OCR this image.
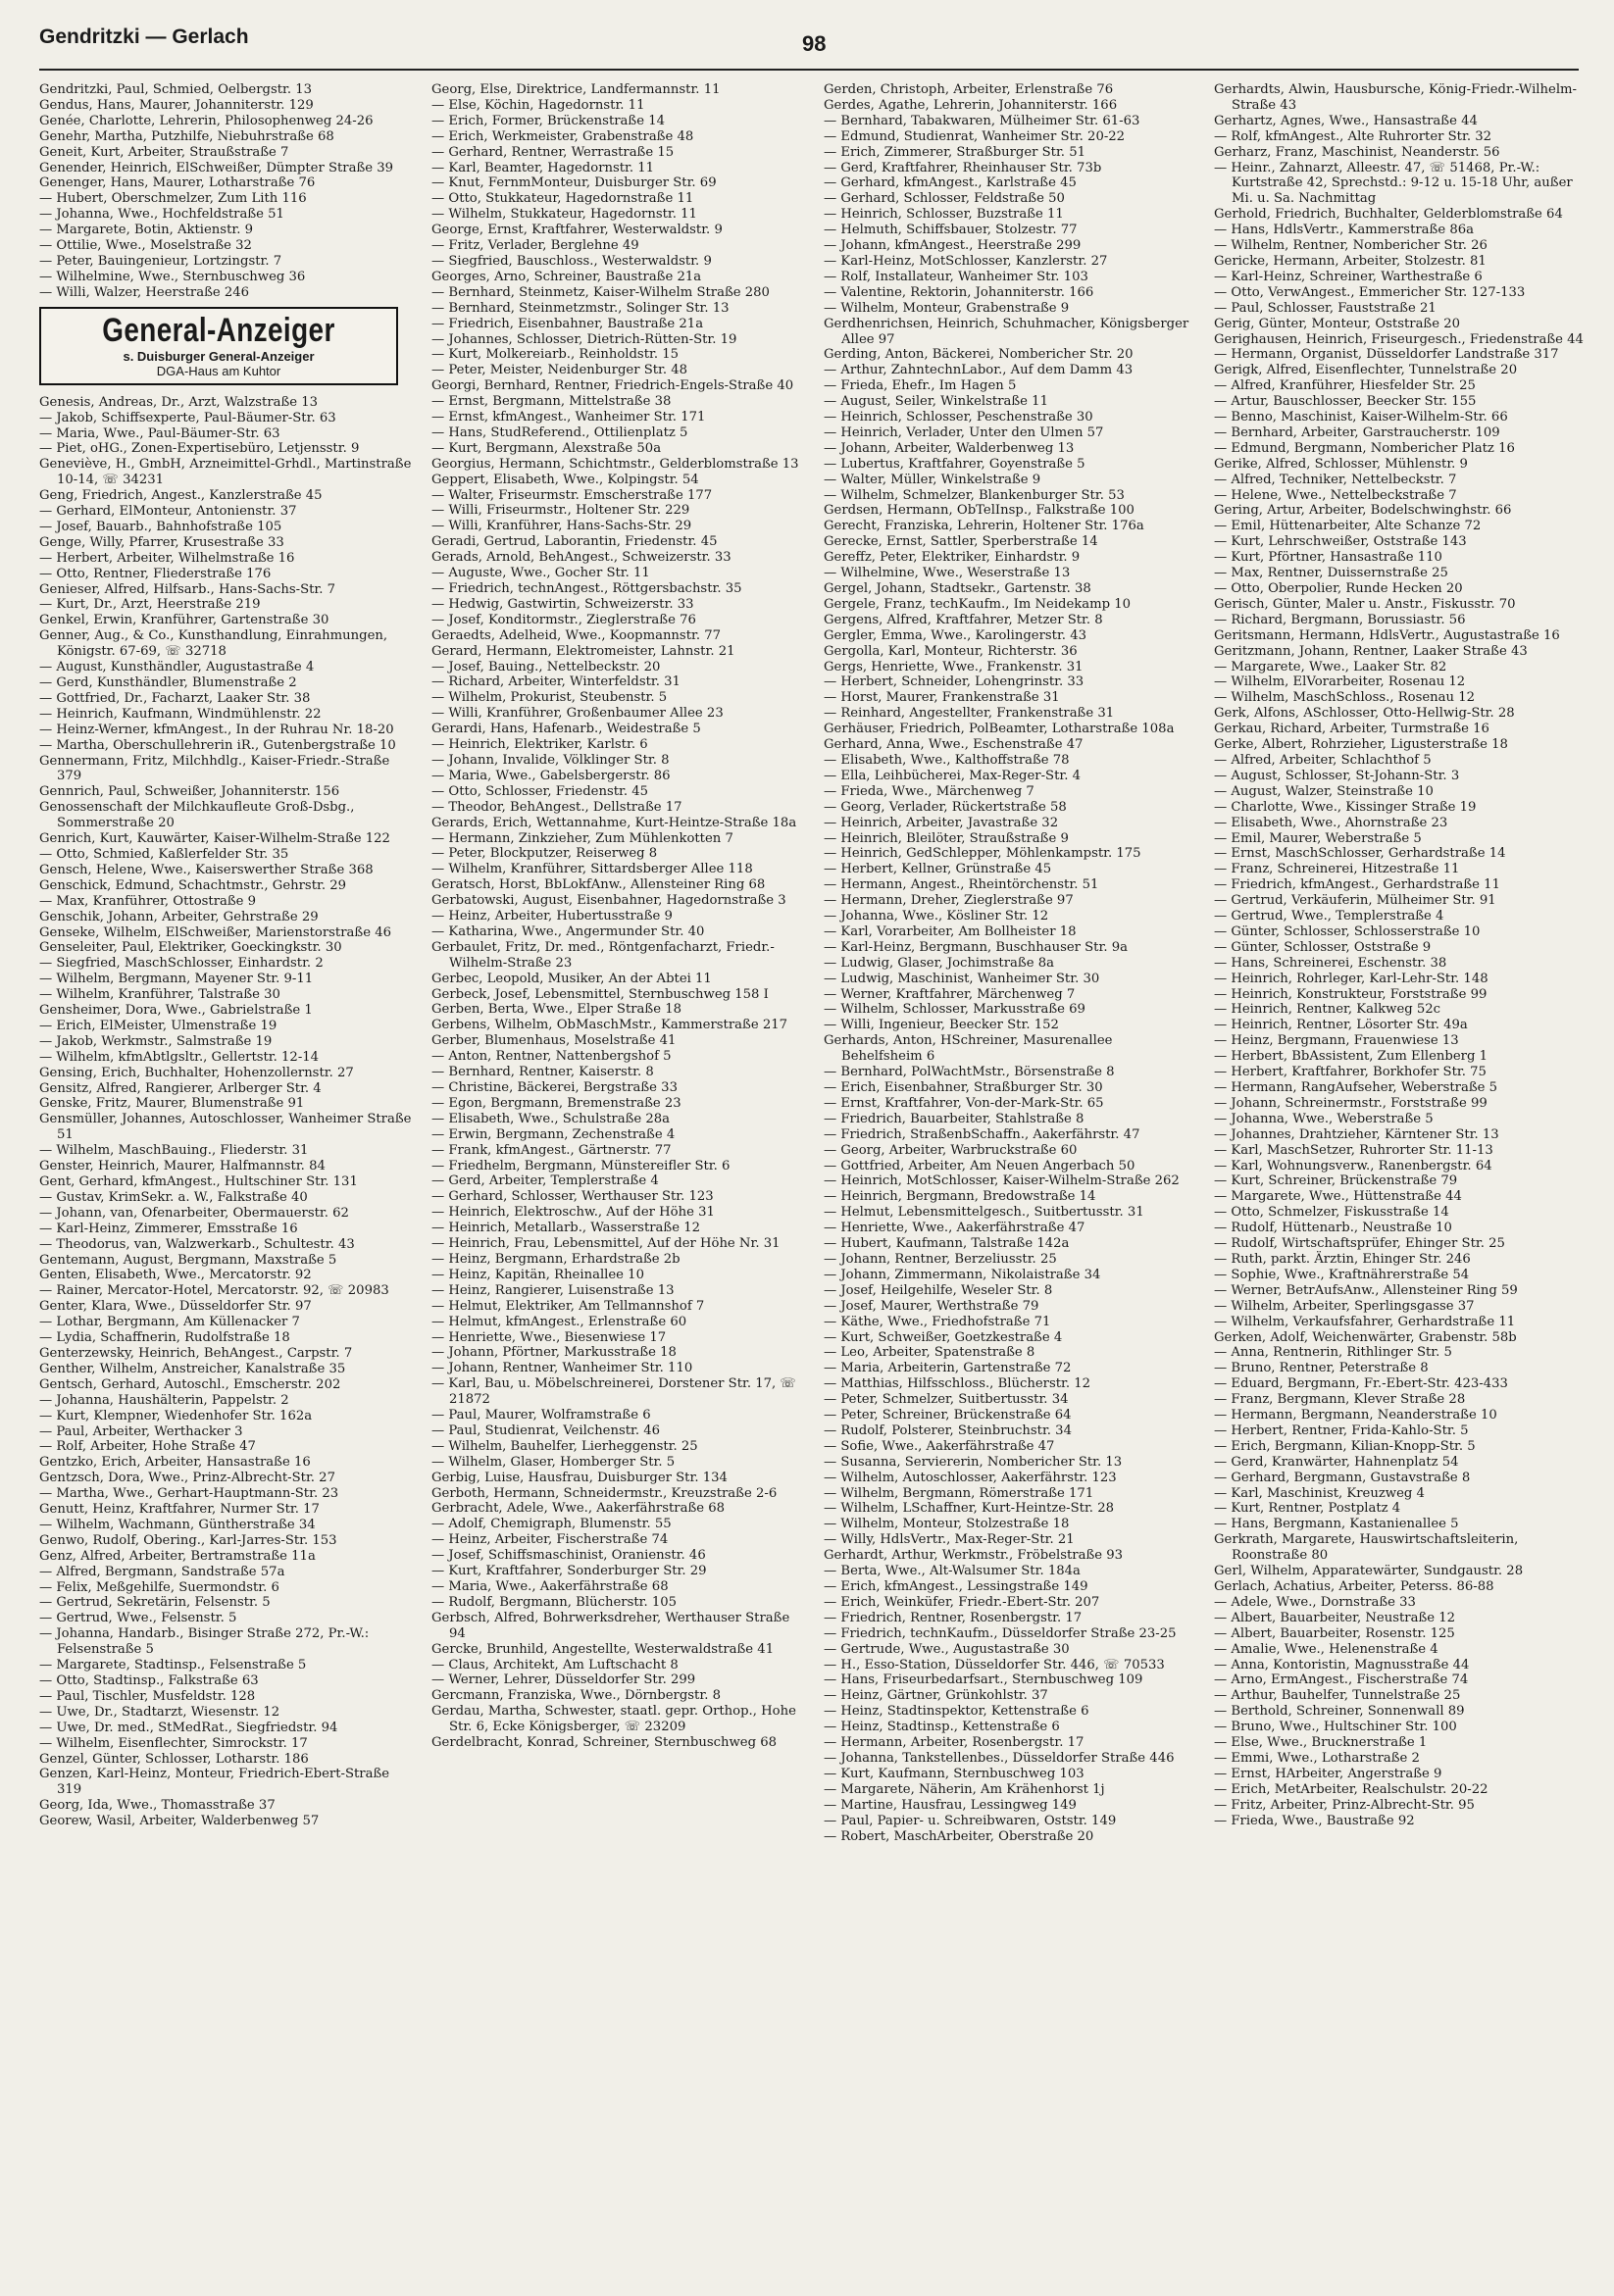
Gendritzki — Gerlach	98

Gendritzki, Paul, Schmied, Oelbergstr. 13

Gendus, Hans, Maurer, Johanniterstr. 129

Genée, Charlotte, Lehrerin, Philosophenweg 24-26

Genehr, Martha, Putzhilfe, Niebuhrstraße 68

Geneit, Kurt, Arbeiter, Straußstraße 7

Genender, Heinrich, ElSchweißer, Dümpter Straße 39

Genenger, Hans, Maurer, Lotharstraße 76

— Hubert, Oberschmelzer, Zum Lith 116

— Johanna, Wwe., Hochfeldstraße 51

— Margarete, Botin, Aktienstr. 9

— Ottilie, Wwe., Moselstraße 32

— Peter, Bauingenieur, Lortzingstr. 7

— Wilhelmine, Wwe., Sternbuschweg 36

— Willi, Walzer, Heerstraße 246

General-Anzeiger
s. Duisburger General-Anzeiger
DGA-Haus am Kuhtor

Genesis, Andreas, Dr., Arzt, Walzstraße 13

— Jakob, Schiffsexperte, Paul-Bäumer-Str. 63

— Maria, Wwe., Paul-Bäumer-Str. 63

— Piet, oHG., Zonen-Expertisebüro, Letjensstr. 9

Geneviève, H., GmbH, Arzneimittel-Grhdl., Martinstraße 10-14, ☏ 34231

Geng, Friedrich, Angest., Kanzlerstraße 45

— Gerhard, ElMonteur, Antonienstr. 37

— Josef, Bauarb., Bahnhofstraße 105

Genge, Willy, Pfarrer, Krusestraße 33

— Herbert, Arbeiter, Wilhelmstraße 16

— Otto, Rentner, Fliederstraße 176

Genieser, Alfred, Hilfsarb., Hans-Sachs-Str. 7

— Kurt, Dr., Arzt, Heerstraße 219

Genkel, Erwin, Kranführer, Gartenstraße 30

Genner, Aug., & Co., Kunsthandlung, Einrahmungen, Königstr. 67-69, ☏ 32718

— August, Kunsthändler, Augustastraße 4

— Gerd, Kunsthändler, Blumenstraße 2

— Gottfried, Dr., Facharzt, Laaker Str. 38

— Heinrich, Kaufmann, Windmühlenstr. 22

— Heinz-Werner, kfmAngest., In der Ruhrau Nr. 18-20

— Martha, Oberschullehrerin iR., Gutenbergstraße 10

Gennermann, Fritz, Milchhdlg., Kaiser-Friedr.-Straße 379

Gennrich, Paul, Schweißer, Johanniterstr. 156

Genossenschaft der Milchkaufleute Groß-Dsbg., Sommerstraße 20

Genrich, Kurt, Kauwärter, Kaiser-Wilhelm-Straße 122

— Otto, Schmied, Kaßlerfelder Str. 35

Gensch, Helene, Wwe., Kaiserswerther Straße 368

Genschick, Edmund, Schachtmstr., Gehrstr. 29

— Max, Kranführer, Ottostraße 9

Genschik, Johann, Arbeiter, Gehrstraße 29

Genseke, Wilhelm, ElSchweißer, Marienstorstraße 46

Genseleiter, Paul, Elektriker, Goeckingkstr. 30

— Siegfried, MaschSchlosser, Einhardstr. 2

— Wilhelm, Bergmann, Mayener Str. 9-11

— Wilhelm, Kranführer, Talstraße 30

Gensheimer, Dora, Wwe., Gabrielstraße 1

— Erich, ElMeister, Ulmenstraße 19

— Jakob, Werkmstr., Salmstraße 19

— Wilhelm, kfmAbtlgsltr., Gellertstr. 12-14

Gensing, Erich, Buchhalter, Hohenzollernstr. 27

Gensitz, Alfred, Rangierer, Arlberger Str. 4

Genske, Fritz, Maurer, Blumenstraße 91

Gensmüller, Johannes, Autoschlosser, Wanheimer Straße 51

— Wilhelm, MaschBauing., Fliederstr. 31

Genster, Heinrich, Maurer, Halfmannstr. 84

Gent, Gerhard, kfmAngest., Hultschiner Str. 131

— Gustav, KrimSekr. a. W., Falkstraße 40

— Johann, van, Ofenarbeiter, Obermauerstr. 62

— Karl-Heinz, Zimmerer, Emsstraße 16

— Theodorus, van, Walzwerkarb., Schultestr. 43

Gentemann, August, Bergmann, Maxstraße 5

Genten, Elisabeth, Wwe., Mercatorstr. 92

— Rainer, Mercator-Hotel, Mercatorstr. 92, ☏ 20983

Genter, Klara, Wwe., Düsseldorfer Str. 97

— Lothar, Bergmann, Am Küllenacker 7

— Lydia, Schaffnerin, Rudolfstraße 18

Genterzewsky, Heinrich, BehAngest., Carpstr. 7

Genther, Wilhelm, Anstreicher, Kanalstraße 35

Gentsch, Gerhard, Autoschl., Emscherstr. 202

— Johanna, Haushälterin, Pappelstr. 2

— Kurt, Klempner, Wiedenhofer Str. 162a

— Paul, Arbeiter, Werthacker 3

— Rolf, Arbeiter, Hohe Straße 47

Gentzko, Erich, Arbeiter, Hansastraße 16

Gentzsch, Dora, Wwe., Prinz-Albrecht-Str. 27

— Martha, Wwe., Gerhart-Hauptmann-Str. 23

Genutt, Heinz, Kraftfahrer, Nurmer Str. 17

— Wilhelm, Wachmann, Güntherstraße 34

Genwo, Rudolf, Obering., Karl-Jarres-Str. 153

Genz, Alfred, Arbeiter, Bertramstraße 11a

— Alfred, Bergmann, Sandstraße 57a

— Felix, Meßgehilfe, Suermondstr. 6

— Gertrud, Sekretärin, Felsenstr. 5

— Gertrud, Wwe., Felsenstr. 5

— Johanna, Handarb., Bisinger Straße 272, Pr.-W.: Felsenstraße 5

— Margarete, Stadtinsp., Felsenstraße 5

— Otto, Stadtinsp., Falkstraße 63

— Paul, Tischler, Musfeldstr. 128

— Uwe, Dr., Stadtarzt, Wiesenstr. 12

— Uwe, Dr. med., StMedRat., Siegfriedstr. 94

— Wilhelm, Eisenflechter, Simrockstr. 17

Genzel, Günter, Schlosser, Lotharstr. 186

Genzen, Karl-Heinz, Monteur, Friedrich-Ebert-Straße 319

Georg, Ida, Wwe., Thomasstraße 37

Georew, Wasil, Arbeiter, Walderbenweg 57

Georg, Else, Direktrice, Landfermannstr. 11

— Else, Köchin, Hagedornstr. 11

— Erich, Former, Brückenstraße 14

— Erich, Werkmeister, Grabenstraße 48

— Gerhard, Rentner, Werrastraße 15

— Karl, Beamter, Hagedornstr. 11

— Knut, FernmMonteur, Duisburger Str. 69

— Otto, Stukkateur, Hagedornstraße 11

— Wilhelm, Stukkateur, Hagedornstr. 11

George, Ernst, Kraftfahrer, Westerwaldstr. 9

— Fritz, Verlader, Berglehne 49

— Siegfried, Bauschloss., Westerwaldstr. 9

Georges, Arno, Schreiner, Baustraße 21a

— Bernhard, Steinmetz, Kaiser-Wilhelm Straße 280

— Bernhard, Steinmetzmstr., Solinger Str. 13

— Friedrich, Eisenbahner, Baustraße 21a

— Johannes, Schlosser, Dietrich-Rütten-Str. 19

— Kurt, Molkereiarb., Reinholdstr. 15

— Peter, Meister, Neidenburger Str. 48

Georgi, Bernhard, Rentner, Friedrich-Engels-Straße 40

— Ernst, Bergmann, Mittelstraße 38

— Ernst, kfmAngest., Wanheimer Str. 171

— Hans, StudReferend., Ottilienplatz 5

— Kurt, Bergmann, Alexstraße 50a

Georgius, Hermann, Schichtmstr., Gelderblomstraße 13

Geppert, Elisabeth, Wwe., Kolpingstr. 54

— Walter, Friseurmstr. Emscherstraße 177

— Willi, Friseurmstr., Holtener Str. 229

— Willi, Kranführer, Hans-Sachs-Str. 29

Geradi, Gertrud, Laborantin, Friedenstr. 45

Gerads, Arnold, BehAngest., Schweizerstr. 33

— Auguste, Wwe., Gocher Str. 11

— Friedrich, technAngest., Röttgersbachstr. 35

— Hedwig, Gastwirtin, Schweizerstr. 33

— Josef, Konditormstr., Zieglerstraße 76

Geraedts, Adelheid, Wwe., Koopmannstr. 77

Gerard, Hermann, Elektromeister, Lahnstr. 21

— Josef, Bauing., Nettelbeckstr. 20

— Richard, Arbeiter, Winterfeldstr. 31

— Wilhelm, Prokurist, Steubenstr. 5

— Willi, Kranführer, Großenbaumer Allee 23

Gerardi, Hans, Hafenarb., Weidestraße 5

— Heinrich, Elektriker, Karlstr. 6

— Johann, Invalide, Völklinger Str. 8

— Maria, Wwe., Gabelsbergerstr. 86

— Otto, Schlosser, Friedenstr. 45

— Theodor, BehAngest., Dellstraße 17

Gerards, Erich, Wettannahme, Kurt-Heintze-Straße 18a

— Hermann, Zinkzieher, Zum Mühlenkotten 7

— Peter, Blockputzer, Reiserweg 8

— Wilhelm, Kranführer, Sittardsberger Allee 118

Geratsch, Horst, BbLokfAnw., Allensteiner Ring 68

Gerbatowski, August, Eisenbahner, Hagedornstraße 3

— Heinz, Arbeiter, Hubertusstraße 9

— Katharina, Wwe., Angermunder Str. 40

Gerbaulet, Fritz, Dr. med., Röntgenfacharzt, Friedr.-Wilhelm-Straße 23

Gerbec, Leopold, Musiker, An der Abtei 11

Gerbeck, Josef, Lebensmittel, Sternbuschweg 158 I

Gerben, Berta, Wwe., Elper Straße 18

Gerbens, Wilhelm, ObMaschMstr., Kammerstraße 217

Gerber, Blumenhaus, Moselstraße 41

— Anton, Rentner, Nattenbergshof 5

— Bernhard, Rentner, Kaiserstr. 8

— Christine, Bäckerei, Bergstraße 33

— Egon, Bergmann, Bremenstraße 23

— Elisabeth, Wwe., Schulstraße 28a

— Erwin, Bergmann, Zechenstraße 4

— Frank, kfmAngest., Gärtnerstr. 77

— Friedhelm, Bergmann, Münstereifler Str. 6

— Gerd, Arbeiter, Templerstraße 4

— Gerhard, Schlosser, Werthauser Str. 123

— Heinrich, Elektroschw., Auf der Höhe 31

— Heinrich, Metallarb., Wasserstraße 12

— Heinrich, Frau, Lebensmittel, Auf der Höhe Nr. 31

— Heinz, Bergmann, Erhardstraße 2b

— Heinz, Kapitän, Rheinallee 10

— Heinz, Rangierer, Luisenstraße 13

— Helmut, Elektriker, Am Tellmannshof 7

— Helmut, kfmAngest., Erlenstraße 60

— Henriette, Wwe., Biesenwiese 17

— Johann, Pförtner, Markusstraße 18

— Johann, Rentner, Wanheimer Str. 110

— Karl, Bau, u. Möbelschreinerei, Dorstener Str. 17, ☏ 21872

— Paul, Maurer, Wolframstraße 6

— Paul, Studienrat, Veilchenstr. 46

— Wilhelm, Bauhelfer, Lierheggenstr. 25

— Wilhelm, Glaser, Homberger Str. 5

Gerbig, Luise, Hausfrau, Duisburger Str. 134

Gerboth, Hermann, Schneidermstr., Kreuzstraße 2-6

Gerbracht, Adele, Wwe., Aakerfährstraße 68

— Adolf, Chemigraph, Blumenstr. 55

— Heinz, Arbeiter, Fischerstraße 74

— Josef, Schiffsmaschinist, Oranienstr. 46

— Kurt, Kraftfahrer, Sonderburger Str. 29

— Maria, Wwe., Aakerfährstraße 68

— Rudolf, Bergmann, Blücherstr. 105

Gerbsch, Alfred, Bohrwerksdreher, Werthauser Straße 94

Gercke, Brunhild, Angestellte, Westerwaldstraße 41

— Claus, Architekt, Am Luftschacht 8

— Werner, Lehrer, Düsseldorfer Str. 299

Gercmann, Franziska, Wwe., Dörnbergstr. 8

Gerdau, Martha, Schwester, staatl. gepr. Orthop., Hohe Str. 6, Ecke Königsberger, ☏ 23209

Gerdelbracht, Konrad, Schreiner, Sternbuschweg 68

Gerden, Christoph, Arbeiter, Erlenstraße 76

Gerdes, Agathe, Lehrerin, Johanniterstr. 166

— Bernhard, Tabakwaren, Mülheimer Str. 61-63

— Edmund, Studienrat, Wanheimer Str. 20-22

— Erich, Zimmerer, Straßburger Str. 51

— Gerd, Kraftfahrer, Rheinhauser Str. 73b

— Gerhard, kfmAngest., Karlstraße 45

— Gerhard, Schlosser, Feldstraße 50

— Heinrich, Schlosser, Buzstraße 11

— Helmuth, Schiffsbauer, Stolzestr. 77

— Johann, kfmAngest., Heerstraße 299

— Karl-Heinz, MotSchlosser, Kanzlerstr. 27

— Rolf, Installateur, Wanheimer Str. 103

— Valentine, Rektorin, Johanniterstr. 166

— Wilhelm, Monteur, Grabenstraße 9

Gerdhenrichsen, Heinrich, Schuhmacher, Königsberger Allee 97

Gerding, Anton, Bäckerei, Nombericher Str. 20

— Arthur, ZahntechnLabor., Auf dem Damm 43

— Frieda, Ehefr., Im Hagen 5

— August, Seiler, Winkelstraße 11

— Heinrich, Schlosser, Peschenstraße 30

— Heinrich, Verlader, Unter den Ulmen 57

— Johann, Arbeiter, Walderbenweg 13

— Lubertus, Kraftfahrer, Goyenstraße 5

— Walter, Müller, Winkelstraße 9

— Wilhelm, Schmelzer, Blankenburger Str. 53

Gerdsen, Hermann, ObTelInsp., Falkstraße 100

Gerecht, Franziska, Lehrerin, Holtener Str. 176a

Gerecke, Ernst, Sattler, Sperberstraße 14

Gereffz, Peter, Elektriker, Einhardstr. 9

— Wilhelmine, Wwe., Weserstraße 13

Gergel, Johann, Stadtsekr., Gartenstr. 38

Gergele, Franz, techKaufm., Im Neidekamp 10

Gergens, Alfred, Kraftfahrer, Metzer Str. 8

Gergler, Emma, Wwe., Karolingerstr. 43

Gergolla, Karl, Monteur, Richterstr. 36

Gergs, Henriette, Wwe., Frankenstr. 31

— Herbert, Schneider, Lohengrinstr. 33

— Horst, Maurer, Frankenstraße 31

— Reinhard, Angestellter, Frankenstraße 31

Gerhäuser, Friedrich, PolBeamter, Lotharstraße 108a

Gerhard, Anna, Wwe., Eschenstraße 47

— Elisabeth, Wwe., Kalthoffstraße 78

— Ella, Leihbücherei, Max-Reger-Str. 4

— Frieda, Wwe., Märchenweg 7

— Georg, Verlader, Rückertstraße 58

— Heinrich, Arbeiter, Javastraße 32

— Heinrich, Bleilöter, Straußstraße 9

— Heinrich, GedSchlepper, Möhlenkampstr. 175

— Herbert, Kellner, Grünstraße 45

— Hermann, Angest., Rheintörchenstr. 51

— Hermann, Dreher, Zieglerstraße 97

— Johanna, Wwe., Kösliner Str. 12

— Karl, Vorarbeiter, Am Bollheister 18

— Karl-Heinz, Bergmann, Buschhauser Str. 9a

— Ludwig, Glaser, Jochimstraße 8a

— Ludwig, Maschinist, Wanheimer Str. 30

— Werner, Kraftfahrer, Märchenweg 7

— Wilhelm, Schlosser, Markusstraße 69

— Willi, Ingenieur, Beecker Str. 152

Gerhards, Anton, HSchreiner, Masurenallee Behelfsheim 6

— Bernhard, PolWachtMstr., Börsenstraße 8

— Erich, Eisenbahner, Straßburger Str. 30

— Ernst, Kraftfahrer, Von-der-Mark-Str. 65

— Friedrich, Bauarbeiter, Stahlstraße 8

— Friedrich, StraßenbSchaffn., Aakerfährstr. 47

— Georg, Arbeiter, Warbruckstraße 60

— Gottfried, Arbeiter, Am Neuen Angerbach 50

— Heinrich, MotSchlosser, Kaiser-Wilhelm-Straße 262

— Heinrich, Bergmann, Bredowstraße 14

— Helmut, Lebensmittelgesch., Suitbertusstr. 31

— Henriette, Wwe., Aakerfährstraße 47

— Hubert, Kaufmann, Talstraße 142a

— Johann, Rentner, Berzeliusstr. 25

— Johann, Zimmermann, Nikolaistraße 34

— Josef, Heilgehilfe, Weseler Str. 8

— Josef, Maurer, Werthstraße 79

— Käthe, Wwe., Friedhofstraße 71

— Kurt, Schweißer, Goetzkestraße 4

— Leo, Arbeiter, Spatenstraße 8

— Maria, Arbeiterin, Gartenstraße 72

— Matthias, Hilfsschloss., Blücherstr. 12

— Peter, Schmelzer, Suitbertusstr. 34

— Peter, Schreiner, Brückenstraße 64

— Rudolf, Polsterer, Steinbruchstr. 34

— Sofie, Wwe., Aakerfährstraße 47

— Susanna, Serviererin, Nombericher Str. 13

— Wilhelm, Autoschlosser, Aakerfährstr. 123

— Wilhelm, Bergmann, Römerstraße 171

— Wilhelm, LSchaffner, Kurt-Heintze-Str. 28

— Wilhelm, Monteur, Stolzestraße 18

— Willy, HdlsVertr., Max-Reger-Str. 21

Gerhardt, Arthur, Werkmstr., Fröbelstraße 93

— Berta, Wwe., Alt-Walsumer Str. 184a

— Erich, kfmAngest., Lessingstraße 149

— Erich, Weinküfer, Friedr.-Ebert-Str. 207

— Friedrich, Rentner, Rosenbergstr. 17

— Friedrich, technKaufm., Düsseldorfer Straße 23-25

— Gertrude, Wwe., Augustastraße 30

— H., Esso-Station, Düsseldorfer Str. 446, ☏ 70533

— Hans, Friseurbedarfsart., Sternbuschweg 109

— Heinz, Gärtner, Grünkohlstr. 37

— Heinz, Stadtinspektor, Kettenstraße 6

— Heinz, Stadtinsp., Kettenstraße 6

— Hermann, Arbeiter, Rosenbergstr. 17

— Johanna, Tankstellenbes., Düsseldorfer Straße 446

— Kurt, Kaufmann, Sternbuschweg 103

— Margarete, Näherin, Am Krähenhorst 1j

— Martine, Hausfrau, Lessingweg 149

— Paul, Papier- u. Schreibwaren, Oststr. 149

— Robert, MaschArbeiter, Oberstraße 20

Gerhardts, Alwin, Hausbursche, König-Friedr.-Wilhelm-Straße 43

Gerhartz, Agnes, Wwe., Hansastraße 44

— Rolf, kfmAngest., Alte Ruhrorter Str. 32

Gerharz, Franz, Maschinist, Neanderstr. 56

— Heinr., Zahnarzt, Alleestr. 47, ☏ 51468, Pr.-W.: Kurtstraße 42, Sprechstd.: 9-12 u. 15-18 Uhr, außer Mi. u. Sa. Nachmittag

Gerhold, Friedrich, Buchhalter, Gelderblomstraße 64

— Hans, HdlsVertr., Kammerstraße 86a

— Wilhelm, Rentner, Nombericher Str. 26

Gericke, Hermann, Arbeiter, Stolzestr. 81

— Karl-Heinz, Schreiner, Warthestraße 6

— Otto, VerwAngest., Emmericher Str. 127-133

— Paul, Schlosser, Fauststraße 21

Gerig, Günter, Monteur, Oststraße 20

Gerighausen, Heinrich, Friseurgesch., Friedenstraße 44

— Hermann, Organist, Düsseldorfer Landstraße 317

Gerigk, Alfred, Eisenflechter, Tunnelstraße 20

— Alfred, Kranführer, Hiesfelder Str. 25

— Artur, Bauschlosser, Beecker Str. 155

— Benno, Maschinist, Kaiser-Wilhelm-Str. 66

— Bernhard, Arbeiter, Garstraucherstr. 109

— Edmund, Bergmann, Nombericher Platz 16

Gerike, Alfred, Schlosser, Mühlenstr. 9

— Alfred, Techniker, Nettelbeckstr. 7

— Helene, Wwe., Nettelbeckstraße 7

Gering, Artur, Arbeiter, Bodelschwinghstr. 66

— Emil, Hüttenarbeiter, Alte Schanze 72

— Kurt, Lehrschweißer, Oststraße 143

— Kurt, Pförtner, Hansastraße 110

— Max, Rentner, Duissernstraße 25

— Otto, Oberpolier, Runde Hecken 20

Gerisch, Günter, Maler u. Anstr., Fiskusstr. 70

— Richard, Bergmann, Borussiastr. 56

Geritsmann, Hermann, HdlsVertr., Augustastraße 16

Geritzmann, Johann, Rentner, Laaker Straße 43

— Margarete, Wwe., Laaker Str. 82

— Wilhelm, ElVorarbeiter, Rosenau 12

— Wilhelm, MaschSchloss., Rosenau 12

Gerk, Alfons, ASchlosser, Otto-Hellwig-Str. 28

Gerkau, Richard, Arbeiter, Turmstraße 16

Gerke, Albert, Rohrzieher, Ligusterstraße 18

— Alfred, Arbeiter, Schlachthof 5

— August, Schlosser, St-Johann-Str. 3

— August, Walzer, Steinstraße 10

— Charlotte, Wwe., Kissinger Straße 19

— Elisabeth, Wwe., Ahornstraße 23

— Emil, Maurer, Weberstraße 5

— Ernst, MaschSchlosser, Gerhardstraße 14

— Franz, Schreinerei, Hitzestraße 11

— Friedrich, kfmAngest., Gerhardstraße 11

— Gertrud, Verkäuferin, Mülheimer Str. 91

— Gertrud, Wwe., Templerstraße 4

— Günter, Schlosser, Schlosserstraße 10

— Günter, Schlosser, Oststraße 9

— Hans, Schreinerei, Eschenstr. 38

— Heinrich, Rohrleger, Karl-Lehr-Str. 148

— Heinrich, Konstrukteur, Forststraße 99

— Heinrich, Rentner, Kalkweg 52c

— Heinrich, Rentner, Lösorter Str. 49a

— Heinz, Bergmann, Frauenwiese 13

— Herbert, BbAssistent, Zum Ellenberg 1

— Herbert, Kraftfahrer, Borkhofer Str. 75

— Hermann, RangAufseher, Weberstraße 5

— Johann, Schreinermstr., Forststraße 99

— Johanna, Wwe., Weberstraße 5

— Johannes, Drahtzieher, Kärntener Str. 13

— Karl, MaschSetzer, Ruhrorter Str. 11-13

— Karl, Wohnungsverw., Ranenbergstr. 64

— Kurt, Schreiner, Brückenstraße 79

— Margarete, Wwe., Hüttenstraße 44

— Otto, Schmelzer, Fiskusstraße 14

— Rudolf, Hüttenarb., Neustraße 10

— Rudolf, Wirtschaftsprüfer, Ehinger Str. 25

— Ruth, parkt. Ärztin, Ehinger Str. 246

— Sophie, Wwe., Kraftnährerstraße 54

— Werner, BetrAufsAnw., Allensteiner Ring 59

— Wilhelm, Arbeiter, Sperlingsgasse 37

— Wilhelm, Verkaufsfahrer, Gerhardstraße 11

Gerken, Adolf, Weichenwärter, Grabenstr. 58b

— Anna, Rentnerin, Rithlinger Str. 5

— Bruno, Rentner, Peterstraße 8

— Eduard, Bergmann, Fr.-Ebert-Str. 423-433

— Franz, Bergmann, Klever Straße 28

— Hermann, Bergmann, Neanderstraße 10

— Herbert, Rentner, Frida-Kahlo-Str. 5

— Erich, Bergmann, Kilian-Knopp-Str. 5

— Gerd, Kranwärter, Hahnenplatz 54

— Gerhard, Bergmann, Gustavstraße 8

— Karl, Maschinist, Kreuzweg 4

— Kurt, Rentner, Postplatz 4

— Hans, Bergmann, Kastanienallee 5

Gerkrath, Margarete, Hauswirtschaftsleiterin, Roonstraße 80

Gerl, Wilhelm, Apparatewärter, Sundgaustr. 28

Gerlach, Achatius, Arbeiter, Peterss. 86-88

— Adele, Wwe., Dornstraße 33

— Albert, Bauarbeiter, Neustraße 12

— Albert, Bauarbeiter, Rosenstr. 125

— Amalie, Wwe., Helenenstraße 4

— Anna, Kontoristin, Magnusstraße 44

— Arno, ErmAngest., Fischerstraße 74

— Arthur, Bauhelfer, Tunnelstraße 25

— Berthold, Schreiner, Sonnenwall 89

— Bruno, Wwe., Hultschiner Str. 100

— Else, Wwe., Brucknerstraße 1

— Emmi, Wwe., Lotharstraße 2

— Ernst, HArbeiter, Angerstraße 9

— Erich, MetArbeiter, Realschulstr. 20-22

— Fritz, Arbeiter, Prinz-Albrecht-Str. 95

— Frieda, Wwe., Baustraße 92
